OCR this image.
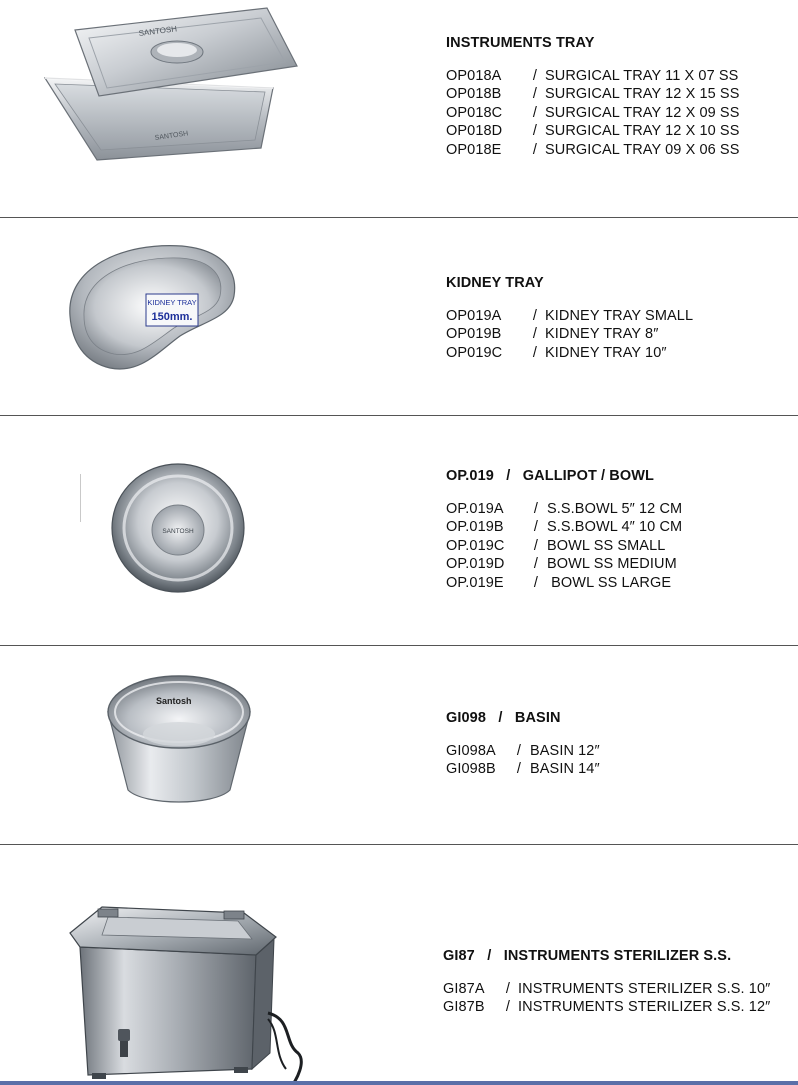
SANTOSH
SANTOSH
INSTRUMENTS TRAY
OP018A	/ SURGICAL TRAY 11 X 07 SS
OP018B	/ SURGICAL TRAY 12 X 15 SS
OP018C	/ SURGICAL TRAY 12 X 09 SS
OP018D	/ SURGICAL TRAY 12 X 10 SS
OP018E	/ SURGICAL TRAY 09 X 06 SS
KIDNEY TRAY
150mm.
KIDNEY TRAY
OP019A	/ KIDNEY TRAY SMALL
OP019B	/ KIDNEY TRAY 8″
OP019C	/ KIDNEY TRAY 10″
SANTOSH
OP.019   /   GALLIPOT / BOWL
OP.019A	/ S.S.BOWL 5″ 12 CM
OP.019B	/ S.S.BOWL 4″ 10 CM
OP.019C	/ BOWL SS SMALL
OP.019D	/ BOWL SS MEDIUM
OP.019E	/ BOWL SS LARGE
Santosh
GI098   /   BASIN
GI098A	/ BASIN 12″
GI098B	/ BASIN 14″
GI87   /   INSTRUMENTS STERILIZER S.S.
GI87A	/ INSTRUMENTS STERILIZER S.S. 10″
GI87B	/ INSTRUMENTS STERILIZER S.S. 12″
